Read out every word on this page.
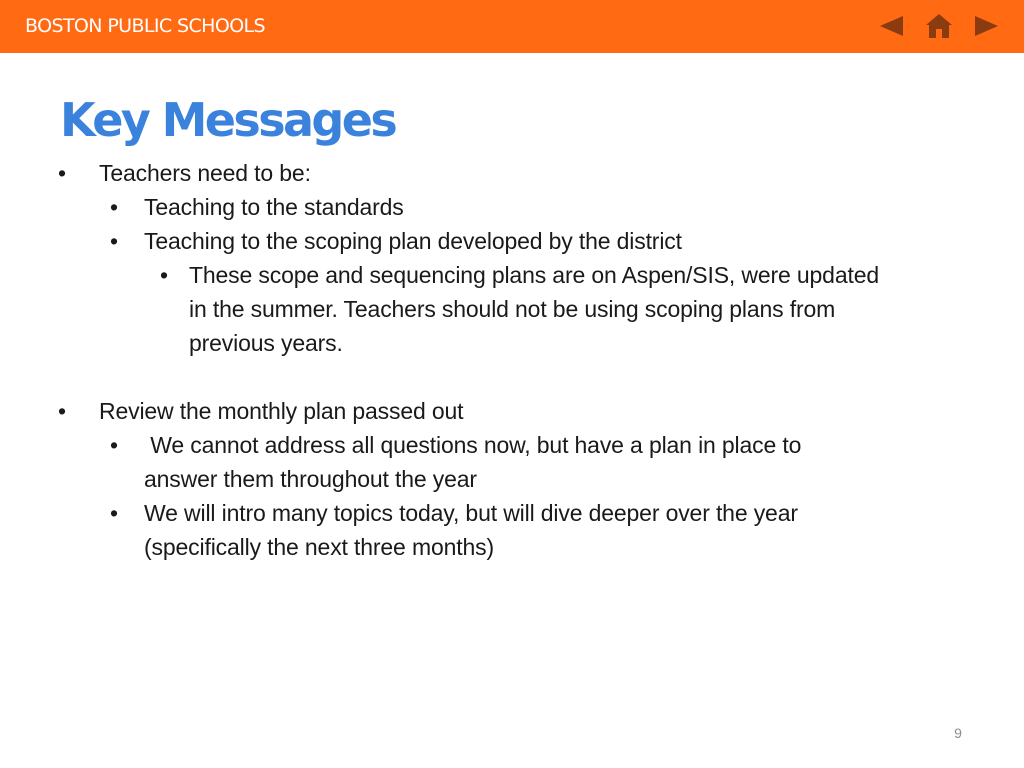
BOSTON PUBLIC SCHOOLS
Key Messages
• Teachers need to be:
• Teaching to the standards
• Teaching to the scoping plan developed by the district
• These scope and sequencing plans are on Aspen/SIS, were updated
in the summer. Teachers should not be using scoping plans from
previous years.
• Review the monthly plan passed out
• We cannot address all questions now, but have a plan in place to
answer them throughout the year
• We will intro many topics today, but will dive deeper over the year
(specifically the next three months)
9
